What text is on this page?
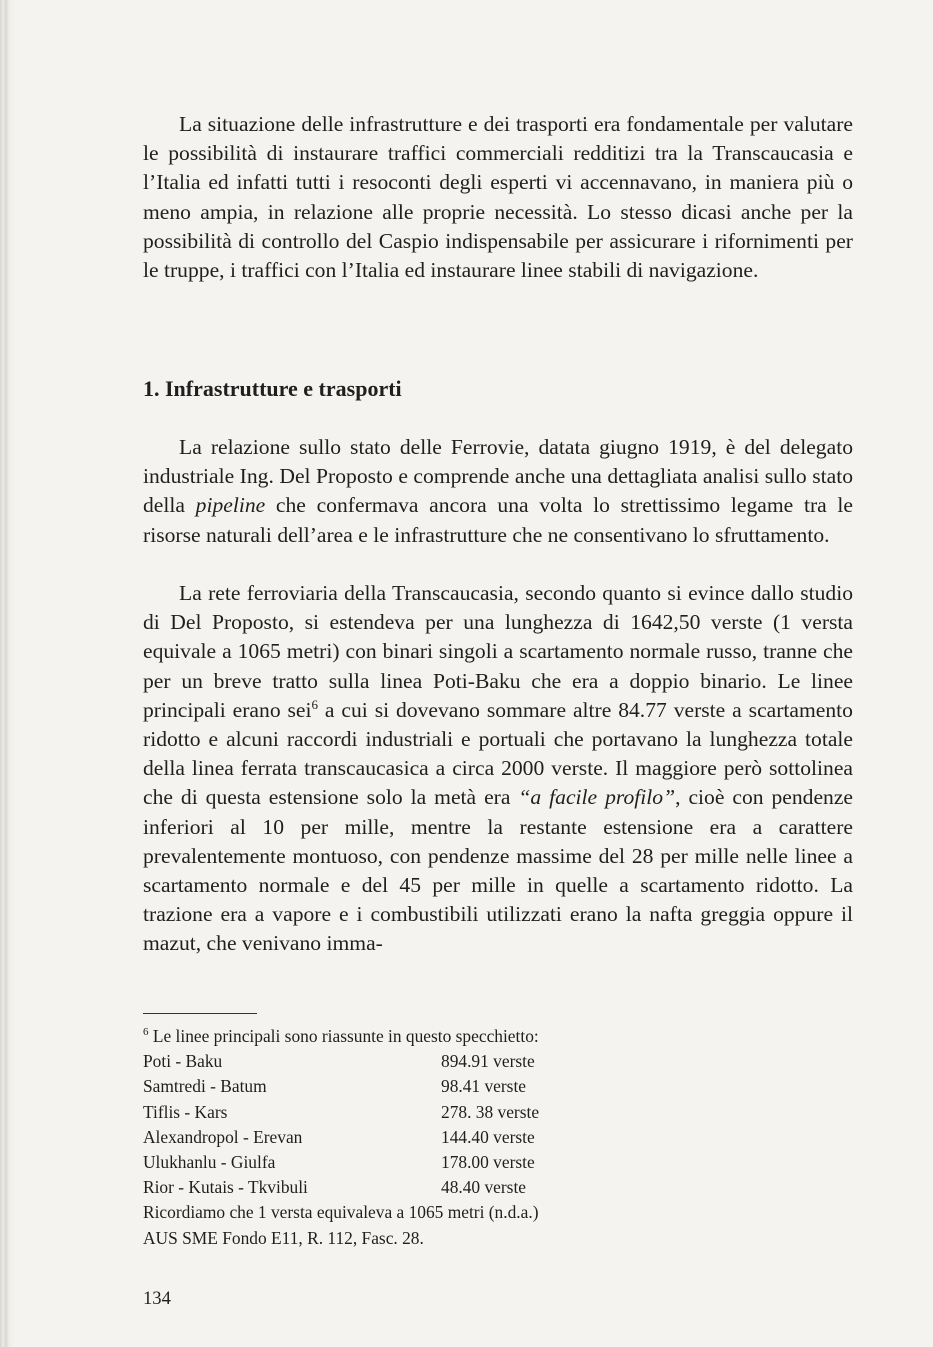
La situazione delle infrastrutture e dei trasporti era fondamentale per valutare le possibilità di instaurare traffici commerciali redditizi tra la Transcaucasia e l’Italia ed infatti tutti i resoconti degli esperti vi accennavano, in maniera più o meno ampia, in relazione alle proprie necessità. Lo stesso dicasi anche per la possibilità di controllo del Caspio indispensabile per assicurare i rifornimenti per le truppe, i traffici con l’Italia ed instaurare linee stabili di navigazione.

1. Infrastrutture e trasporti

La relazione sullo stato delle Ferrovie, datata giugno 1919, è del delegato industriale Ing. Del Proposto e comprende anche una dettagliata analisi sullo stato della pipeline che confermava ancora una volta lo strettissimo legame tra le risorse naturali dell’area e le infrastrutture che ne consentivano lo sfruttamento.

La rete ferroviaria della Transcaucasia, secondo quanto si evince dallo studio di Del Proposto, si estendeva per una lunghezza di 1642,50 verste (1 versta equivale a 1065 metri) con binari singoli a scartamento normale russo, tranne che per un breve tratto sulla linea Poti-Baku che era a doppio binario. Le linee principali erano sei$^6$ a cui si dovevano sommare altre 84.77 verste a scartamento ridotto e alcuni raccordi industriali e portuali che portavano la lunghezza totale della linea ferrata transcaucasica a circa 2000 verste. Il maggiore però sottolinea che di questa estensione solo la metà era “a facile profilo”, cioè con pendenze inferiori al 10 per mille, mentre la restante estensione era a carattere prevalentemente montuoso, con pendenze massime del 28 per mille nelle linee a scartamento normale e del 45 per mille in quelle a scartamento ridotto. La trazione era a vapore e i combustibili utilizzati erano la nafta greggia oppure il mazut, che venivano imma-

$^6$ Le linee principali sono riassunte in questo specchietto:
Poti - Baku	894.91 verste
Samtredi - Batum	98.41 verste
Tiflis - Kars	278. 38 verste
Alexandropol - Erevan	144.40 verste
Ulukhanlu - Giulfa	178.00 verste
Rior - Kutais - Tkvibuli	48.40 verste
Ricordiamo che 1 versta equivaleva a 1065 metri (n.d.a.)
AUS SME Fondo E11, R. 112, Fasc. 28.
134
